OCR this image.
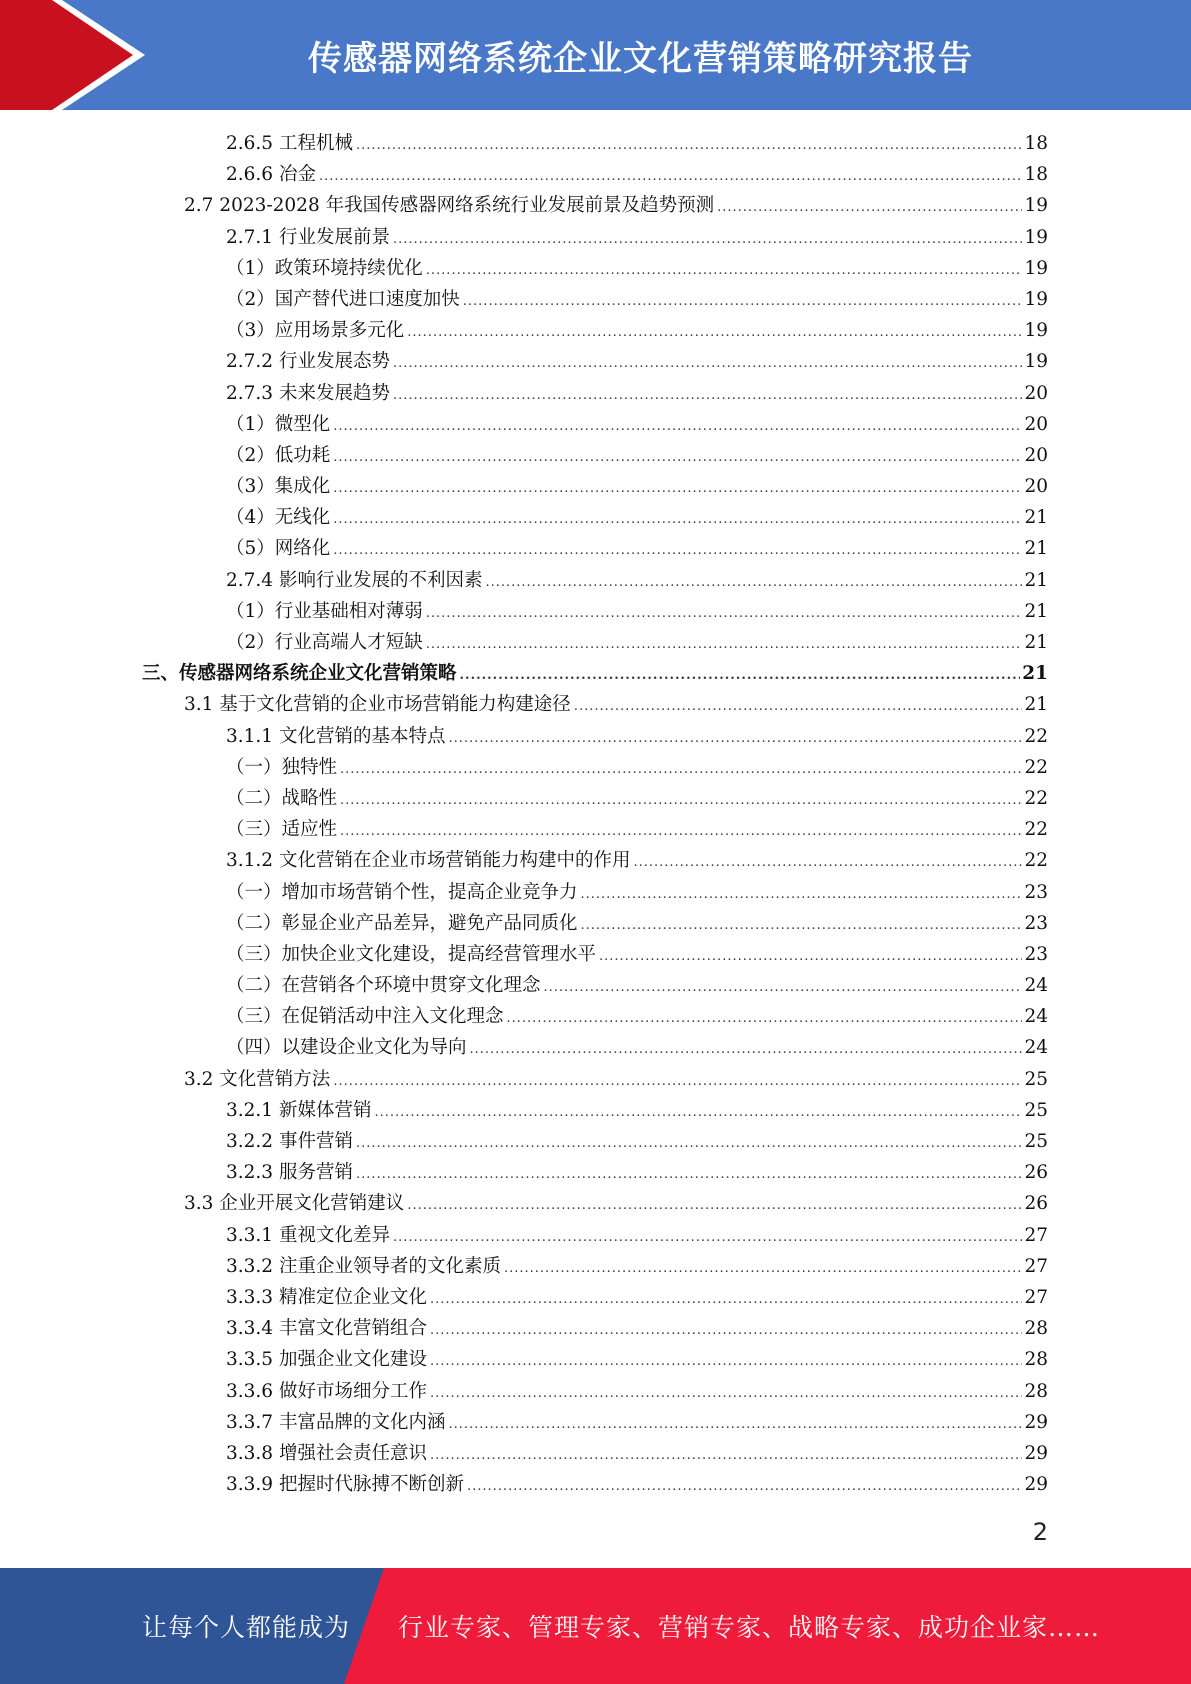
传感器网络系统企业文化营销策略研究报告
2.6.5 工程机械 .....	18
2.6.6 冶金 .....	18
2.7 2023-2028 年我国传感器网络系统行业发展前景及趋势预测 .....	19
2.7.1 行业发展前景 .....	19
（1）政策环境持续优化 .....	19
（2）国产替代进口速度加快 .....	19
（3）应用场景多元化 .....	19
2.7.2 行业发展态势 .....	19
2.7.3 未来发展趋势 .....	20
（1）微型化 .....	20
（2）低功耗 .....	20
（3）集成化 .....	20
（4）无线化 .....	21
（5）网络化 .....	21
2.7.4 影响行业发展的不利因素 .....	21
（1）行业基础相对薄弱 .....	21
（2）行业高端人才短缺 .....	21
三、传感器网络系统企业文化营销策略 .....	21
3.1 基于文化营销的企业市场营销能力构建途径 .....	21
3.1.1 文化营销的基本特点 .....	22
（一）独特性 .....	22
（二）战略性 .....	22
（三）适应性 .....	22
3.1.2 文化营销在企业市场营销能力构建中的作用 .....	22
（一）增加市场营销个性，提高企业竞争力 .....	23
（二）彰显企业产品差异，避免产品同质化 .....	23
（三）加快企业文化建设，提高经营管理水平 .....	23
（二）在营销各个环境中贯穿文化理念 .....	24
（三）在促销活动中注入文化理念 .....	24
（四）以建设企业文化为导向 .....	24
3.2 文化营销方法 .....	25
3.2.1 新媒体营销 .....	25
3.2.2 事件营销 .....	25
3.2.3 服务营销 .....	26
3.3 企业开展文化营销建议 .....	26
3.3.1 重视文化差异 .....	27
3.3.2 注重企业领导者的文化素质 .....	27
3.3.3 精准定位企业文化 .....	27
3.3.4 丰富文化营销组合 .....	28
3.3.5 加强企业文化建设 .....	28
3.3.6 做好市场细分工作 .....	28
3.3.7 丰富品牌的文化内涵 .....	29
3.3.8 增强社会责任意识 .....	29
3.3.9 把握时代脉搏不断创新 .....	29
2
让每个人都能成为 行业专家、管理专家、营销专家、战略专家、成功企业家……
